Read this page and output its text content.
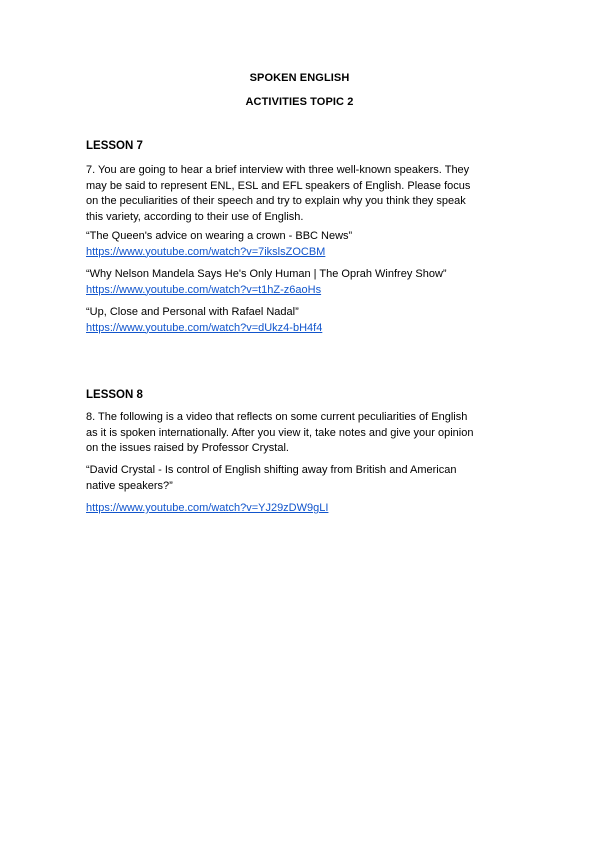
SPOKEN ENGLISH
ACTIVITIES TOPIC 2
LESSON 7
7. You are going to hear a brief interview with three well-known speakers. They
may be said to represent ENL, ESL and EFL speakers of English. Please focus
on the peculiarities of their speech and try to explain why you think they speak
this variety, according to their use of English.
“The Queen's advice on wearing a crown - BBC News”
https://www.youtube.com/watch?v=7ikslsZOCBM
“Why Nelson Mandela Says He's Only Human | The Oprah Winfrey Show”
https://www.youtube.com/watch?v=t1hZ-z6aoHs
“Up, Close and Personal with Rafael Nadal”
https://www.youtube.com/watch?v=dUkz4-bH4f4
LESSON 8
8. The following is a video that reflects on some current peculiarities of English
as it is spoken internationally. After you view it, take notes and give your opinion
on the issues raised by Professor Crystal.
“David Crystal - Is control of English shifting away from British and American
native speakers?”
https://www.youtube.com/watch?v=YJ29zDW9gLI
